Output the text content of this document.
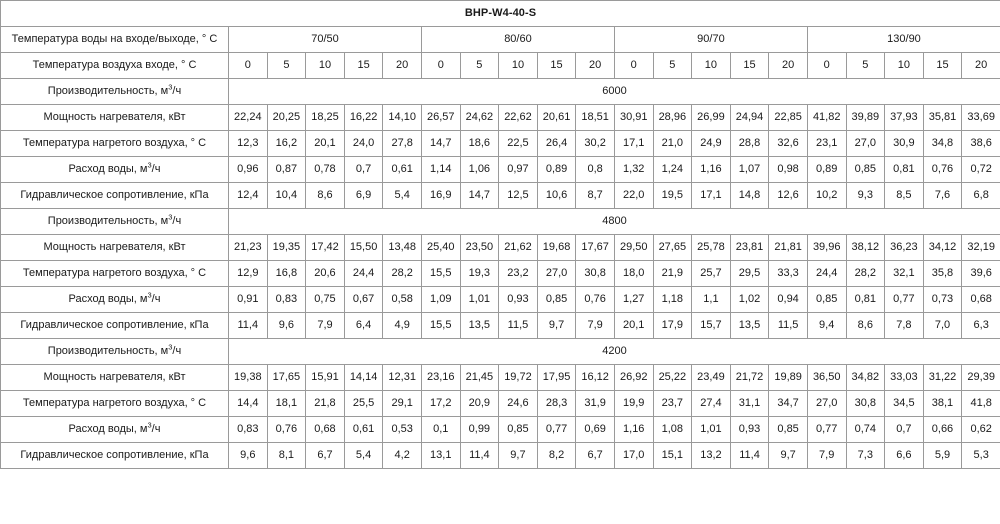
BHP-W4-40-S																				
Температура воды на входе/выходе, ° С	70/50					80/60					90/70					130/90				
Температура воздуха входе, ° С	0	5	10	15	20	0	5	10	15	20	0	5	10	15	20	0	5	10	15	20
Производительность, $м^3/ч$	6000																			
Мощность нагревателя, кВт	22,24	20,25	18,25	16,22	14,10	26,57	24,62	22,62	20,61	18,51	30,91	28,96	26,99	24,94	22,85	41,82	39,89	37,93	35,81	33,69
Температура нагретого воздуха, ° С	12,3	16,2	20,1	24,0	27,8	14,7	18,6	22,5	26,4	30,2	17,1	21,0	24,9	28,8	32,6	23,1	27,0	30,9	34,8	38,6
Расход воды, $м^3/ч$	0,96	0,87	0,78	0,7	0,61	1,14	1,06	0,97	0,89	0,8	1,32	1,24	1,16	1,07	0,98	0,89	0,85	0,81	0,76	0,72
Гидравлическое сопротивление, кПа	12,4	10,4	8,6	6,9	5,4	16,9	14,7	12,5	10,6	8,7	22,0	19,5	17,1	14,8	12,6	10,2	9,3	8,5	7,6	6,8
Производительность, $м^3/ч$	4800																			
Мощность нагревателя, кВт	21,23	19,35	17,42	15,50	13,48	25,40	23,50	21,62	19,68	17,67	29,50	27,65	25,78	23,81	21,81	39,96	38,12	36,23	34,12	32,19
Температура нагретого воздуха, ° С	12,9	16,8	20,6	24,4	28,2	15,5	19,3	23,2	27,0	30,8	18,0	21,9	25,7	29,5	33,3	24,4	28,2	32,1	35,8	39,6
Расход воды, $м^3/ч$	0,91	0,83	0,75	0,67	0,58	1,09	1,01	0,93	0,85	0,76	1,27	1,18	1,1	1,02	0,94	0,85	0,81	0,77	0,73	0,68
Гидравлическое сопротивление, кПа	11,4	9,6	7,9	6,4	4,9	15,5	13,5	11,5	9,7	7,9	20,1	17,9	15,7	13,5	11,5	9,4	8,6	7,8	7,0	6,3
Производительность, $м^3/ч$	4200																			
Мощность нагревателя, кВт	19,38	17,65	15,91	14,14	12,31	23,16	21,45	19,72	17,95	16,12	26,92	25,22	23,49	21,72	19,89	36,50	34,82	33,03	31,22	29,39
Температура нагретого воздуха, ° С	14,4	18,1	21,8	25,5	29,1	17,2	20,9	24,6	28,3	31,9	19,9	23,7	27,4	31,1	34,7	27,0	30,8	34,5	38,1	41,8
Расход воды, $м^3/ч$	0,83	0,76	0,68	0,61	0,53	0,1	0,99	0,85	0,77	0,69	1,16	1,08	1,01	0,93	0,85	0,77	0,74	0,7	0,66	0,62
Гидравлическое сопротивление, кПа	9,6	8,1	6,7	5,4	4,2	13,1	11,4	9,7	8,2	6,7	17,0	15,1	13,2	11,4	9,7	7,9	7,3	6,6	5,9	5,3
